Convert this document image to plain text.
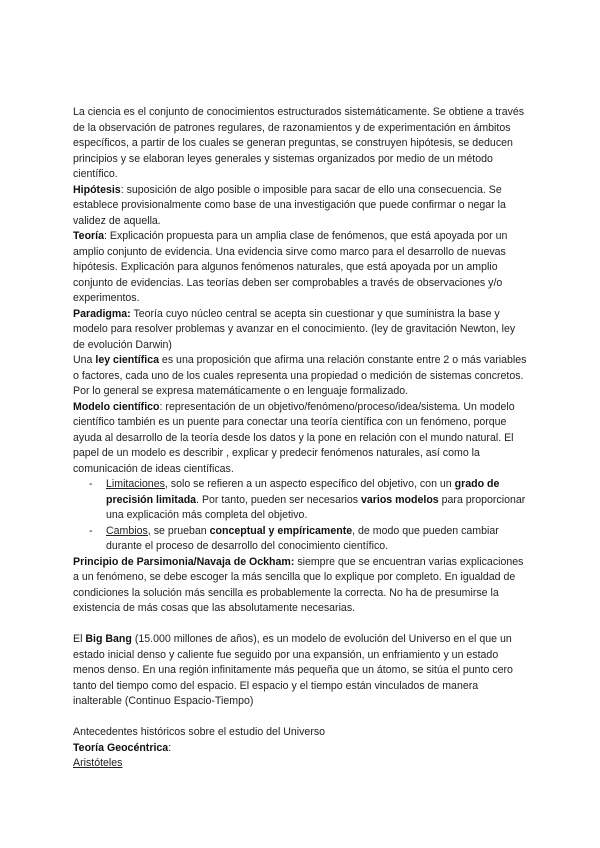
La ciencia es el conjunto de conocimientos estructurados sistemáticamente. Se obtiene a través de la observación de patrones regulares, de razonamientos y de experimentación en ámbitos específicos, a partir de los cuales se generan preguntas, se construyen hipótesis, se deducen principios y se elaboran leyes generales y sistemas organizados por medio de un método científico.

Hipótesis: suposición de algo posible o imposible para sacar de ello una consecuencia. Se establece provisionalmente como base de una investigación que puede confirmar o negar la validez de aquella.

Teoría: Explicación propuesta para un amplia clase de fenómenos, que está apoyada por un amplio conjunto de evidencia. Una evidencia sirve como marco para el desarrollo de nuevas hipótesis. Explicación para algunos fenómenos naturales, que está apoyada por un amplio conjunto de evidencias. Las teorías deben ser comprobables a través de observaciones y/o experimentos.

Paradigma: Teoría cuyo núcleo central se acepta sin cuestionar y que suministra la base y modelo para resolver problemas y avanzar en el conocimiento. (ley de gravitación Newton, ley de evolución Darwin)

Una ley científica es una proposición que afirma una relación constante entre 2 o más variables o factores, cada uno de los cuales representa una propiedad o medición de sistemas concretos. Por lo general se expresa matemáticamente o en lenguaje formalizado.

Modelo científico: representación de un objetivo/fenómeno/proceso/idea/sistema. Un modelo científico también es un puente para conectar una teoría científica con un fenómeno, porque ayuda al desarrollo de la teoría desde los datos y la pone en relación con el mundo natural. El papel de un modelo es describir , explicar y predecir fenómenos naturales, así como la comunicación de ideas científicas.

- Limitaciones, solo se refieren a un aspecto específico del objetivo, con un grado de precisión limitada. Por tanto, pueden ser necesarios varios modelos para proporcionar una explicación más completa del objetivo.
- Cambios, se prueban conceptual y empíricamente, de modo que pueden cambiar durante el proceso de desarrollo del conocimiento científico.

Principio de Parsimonia/Navaja de Ockham: siempre que se encuentran varias explicaciones a un fenómeno, se debe escoger la más sencilla que lo explique por completo. En igualdad de condiciones la solución más sencilla es probablemente la correcta. No ha de presumirse la existencia de más cosas que las absolutamente necesarias.

El Big Bang (15.000 millones de años), es un modelo de evolución del Universo en el que un estado inicial denso y caliente fue seguido por una expansión, un enfriamiento y un estado menos denso. En una región infinitamente más pequeña que un átomo, se sitúa el punto cero tanto del tiempo como del espacio. El espacio y el tiempo están vinculados de manera inalterable (Continuo Espacio-Tiempo)

Antecedentes históricos sobre el estudio del Universo

Teoría Geocéntrica:

Aristóteles
